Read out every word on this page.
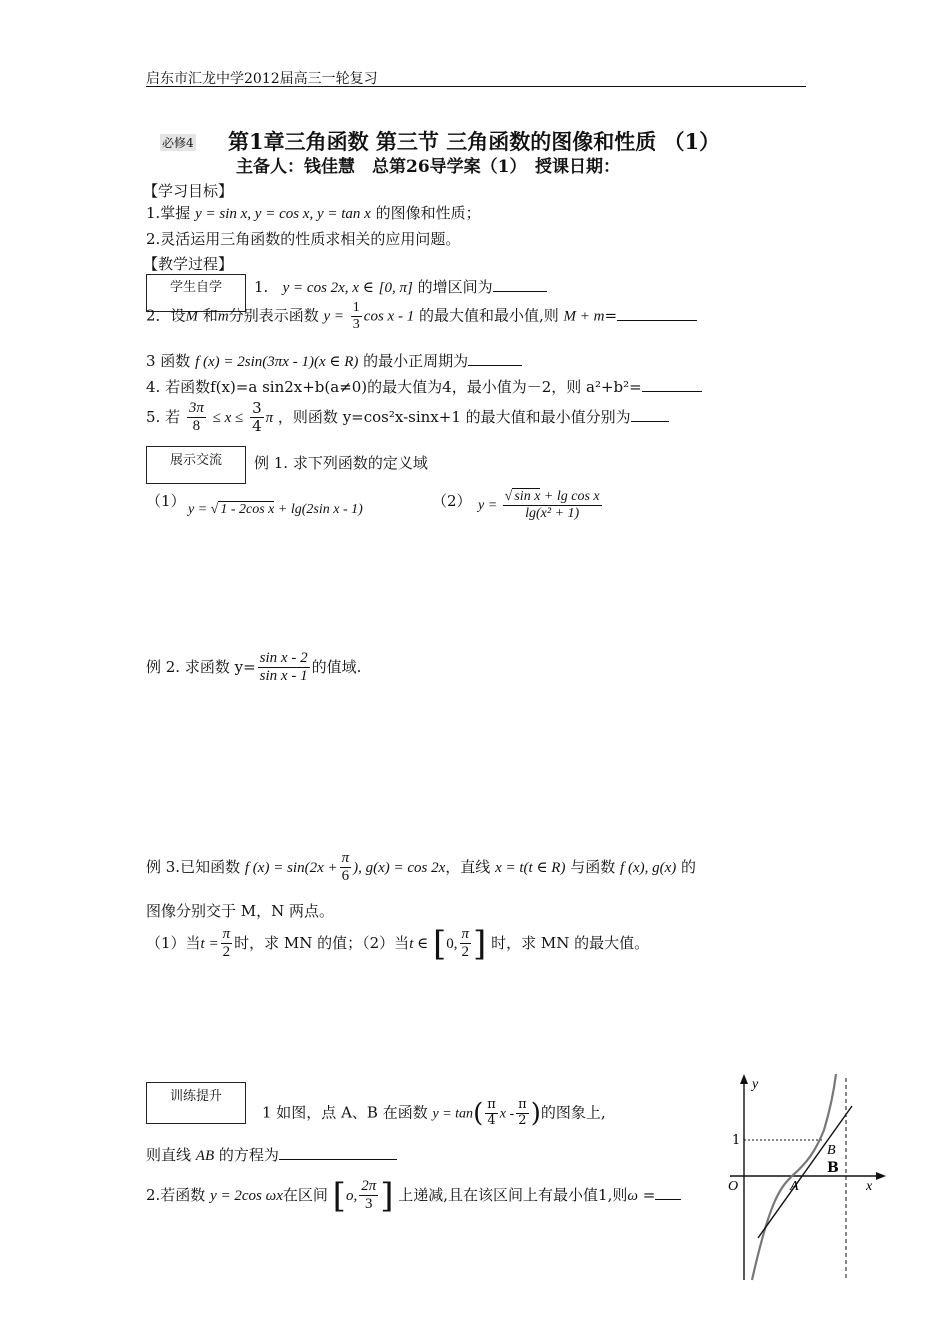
启东市汇龙中学2012届高三一轮复习
必修4 第1章三角函数 第三节 三角函数的图像和性质 （1）
主备人：钱佳慧　总第26导学案（1）　授课日期：
【学习目标】
1.掌握 y = sin x, y = cos x, y = tan x 的图像和性质；
2.灵活运用三角函数的性质求相关的应用问题。
【教学过程】
学生自学	1. y = cos 2x, x ∈ [0, π] 的增区间为
2．设M 和m分别表示函数 $y = \frac{1}{3}$ cos x - 1 的最大值和最小值,则 M + m=
3 函数 f (x) = 2sin(3πx - 1)(x ∈ R) 的最小正周期为
4. 若函数f(x)=a sin2x+b(a≠0)的最大值为4，最小值为－2，则 a²+b²=
5. 若 $\frac{3\pi}{8} \le x \le \frac{3}{4}$ π ，则函数 y=cos²x-sinx+1 的最大值和最小值分别为
展示交流	例 1. 求下列函数的定义域
（1） y = √ 1 - 2cos x + lg(2sin x - 1)	（2） $y = \frac{\text{√ sin x + lg cos x}}{\text{lg(x² + 1)}}$
例 2. 求函数 $y= \frac{\text{sin x - 2}}{\text{sin x - 1}}$ 的值域.
例 3.已知函数 f $(x) = \sin(2x + \frac{\pi}{6}$ ), g(x) = cos 2x，直线 x = t(t ∈ R) 与函数 f (x), g(x) 的
图像分别交于 M，N 两点。
（1）当$t = \frac{\pi}{2}$ 时，求 MN 的值；（2）当t ∈ [0, $\frac{\pi}{2}$ ] 时，求 MN 的最大值。
训练提升
1 如图，点 A、B 在函数 $y = \tan( \frac{\pi}{4}$ x - $\frac{\pi}{2}$ )的图象上,
则直线 AB 的方程为
2.若函数 y = 2cos ωx在区间 [o, $\frac{2\pi}{3}$ ] 上递减,且在该区间上有最小值1,则ω =
y
x
O
1
A
B
B
